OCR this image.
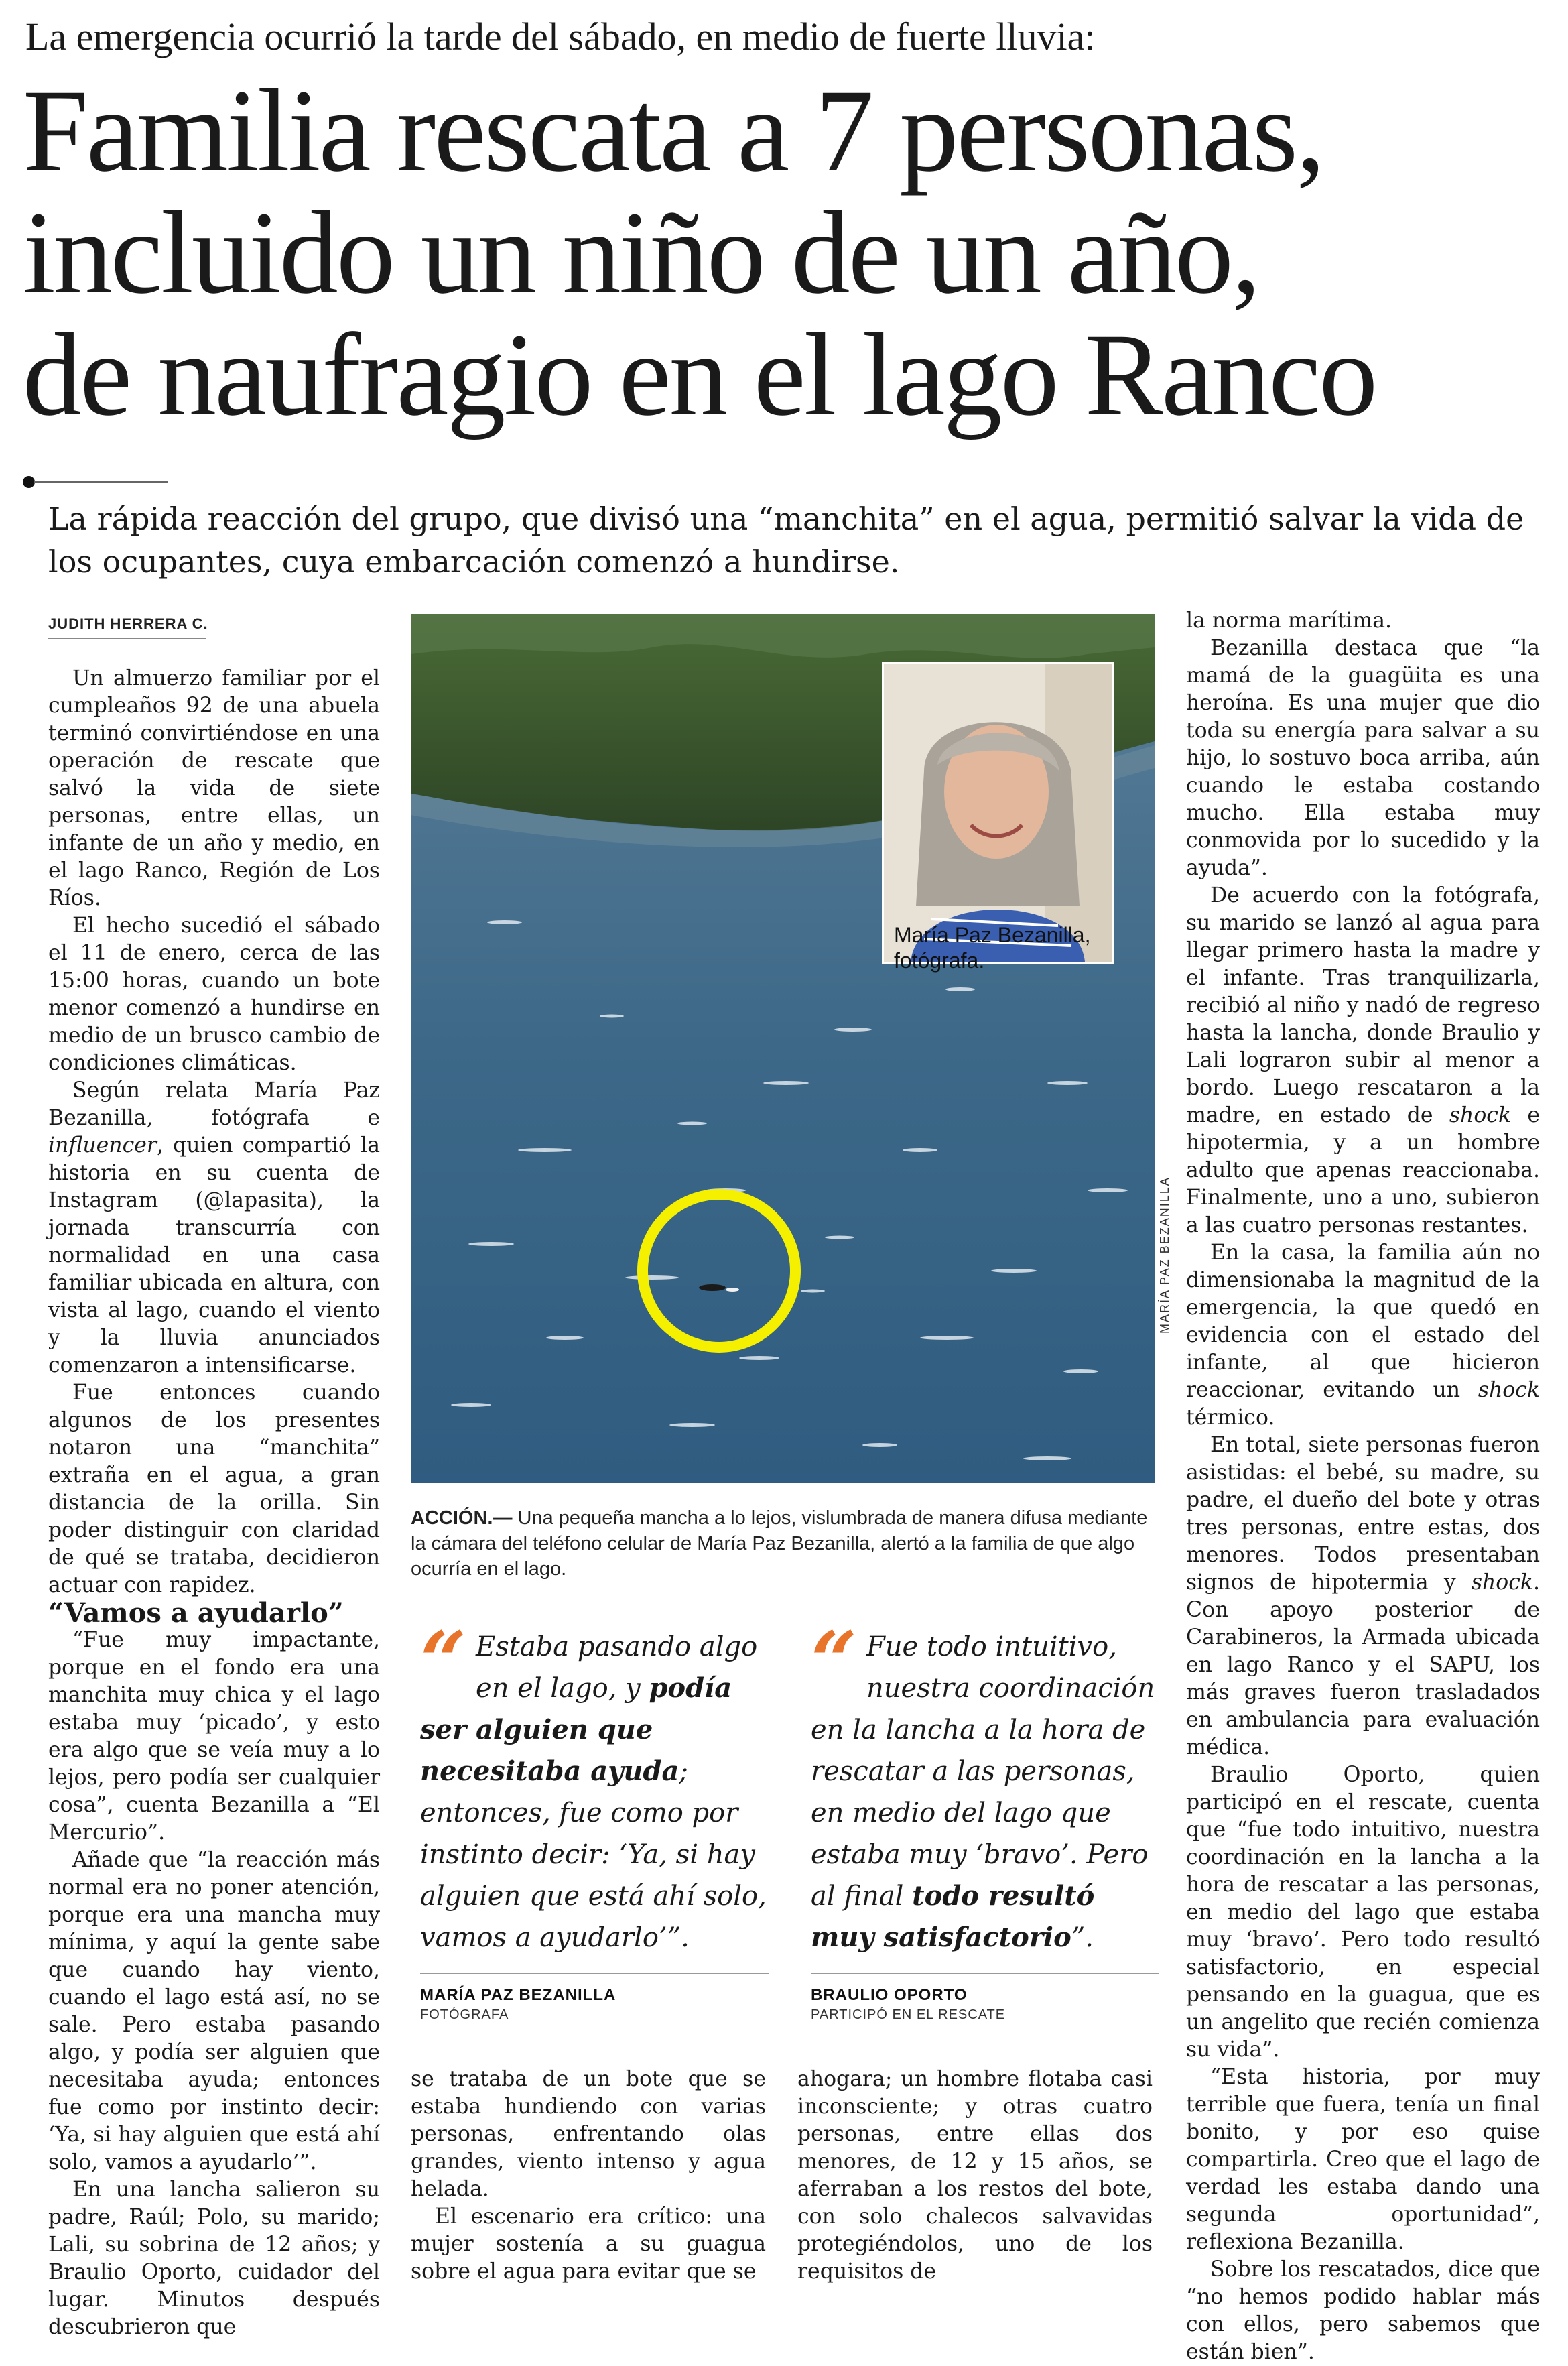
La emergencia ocurrió la tarde del sábado, en medio de fuerte lluvia:
Familia rescata a 7 personas,
incluido un niño de un año,
de naufragio en el lago Ranco
La rápida reacción del grupo, que divisó una “manchita” en el agua, permitió salvar la vida de los ocupantes, cuya embarcación comenzó a hundirse.
JUDITH HERRERA C.

Un almuerzo familiar por el cumpleaños 92 de una abuela terminó convirtiéndose en una operación de rescate que salvó la vida de siete personas, entre ellas, un infante de un año y medio, en el lago Ranco, Región de Los Ríos.

El hecho sucedió el sábado el 11 de enero, cerca de las 15:00 horas, cuando un bote menor comenzó a hundirse en medio de un brusco cambio de condiciones climáticas.

Según relata María Paz Bezanilla, fotógrafa e influencer, quien compartió la historia en su cuenta de Instagram (@lapasita), la jornada transcurría con normalidad en una casa familiar ubicada en altura, con vista al lago, cuando el viento y la lluvia anunciados comenzaron a intensificarse.

Fue entonces cuando algunos de los presentes notaron una “manchita” extraña en el agua, a gran distancia de la orilla. Sin poder distinguir con claridad de qué se trataba, decidieron actuar con rapidez.

“Vamos a ayudarlo”

“Fue muy impactante, porque en el fondo era una manchita muy chica y el lago estaba muy ‘picado’, y esto era algo que se veía muy a lo lejos, pero podía ser cualquier cosa”, cuenta Bezanilla a “El Mercurio”.

Añade que “la reacción más normal era no poner atención, porque era una mancha muy mínima, y aquí la gente sabe que cuando hay viento, cuando el lago está así, no se sale. Pero estaba pasando algo, y podía ser alguien que necesitaba ayuda; entonces fue como por instinto decir: ‘Ya, si hay alguien que está ahí solo, vamos a ayudarlo’”.

En una lancha salieron su padre, Raúl; Polo, su marido; Lali, su sobrina de 12 años; y Braulio Oporto, cuidador del lugar. Minutos después descubrieron que

María Paz Bezanilla,
fotógrafa.
MARÍA PAZ BEZANILLA
ACCIÓN.— Una pequeña mancha a lo lejos, vislumbrada de manera difusa mediante la cámara del teléfono celular de María Paz Bezanilla, alertó a la familia de que algo ocurría en el lago.
“ Estaba pasando algo en el lago, y podía ser alguien que necesitaba ayuda; entonces, fue como por instinto decir: ‘Ya, si hay alguien que está ahí solo, vamos a ayudarlo’”.
MARÍA PAZ BEZANILLA
FOTÓGRAFA
“ Fue todo intuitivo, nuestra coordinación en la lancha a la hora de rescatar a las personas, en medio del lago que estaba muy ‘bravo’. Pero al final todo resultó muy satisfactorio”.
BRAULIO OPORTO
PARTICIPÓ EN EL RESCATE

se trataba de un bote que se estaba hundiendo con varias personas, enfrentando olas grandes, viento intenso y agua helada.

El escenario era crítico: una mujer sostenía a su guagua sobre el agua para evitar que se

ahogara; un hombre flotaba casi inconsciente; y otras cuatro personas, entre ellas dos menores, de 12 y 15 años, se aferraban a los restos del bote, con solo chalecos salvavidas protegiéndolos, uno de los requisitos de

la norma marítima.

Bezanilla destaca que “la mamá de la guagüita es una heroína. Es una mujer que dio toda su energía para salvar a su hijo, lo sostuvo boca arriba, aún cuando le estaba costando mucho. Ella estaba muy conmovida por lo sucedido y la ayuda”.

De acuerdo con la fotógrafa, su marido se lanzó al agua para llegar primero hasta la madre y el infante. Tras tranquilizarla, recibió al niño y nadó de regreso hasta la lancha, donde Braulio y Lali lograron subir al menor a bordo. Luego rescataron a la madre, en estado de shock e hipotermia, y a un hombre adulto que apenas reaccionaba. Finalmente, uno a uno, subieron a las cuatro personas restantes.

En la casa, la familia aún no dimensionaba la magnitud de la emergencia, la que quedó en evidencia con el estado del infante, al que hicieron reaccionar, evitando un shock térmico.

En total, siete personas fueron asistidas: el bebé, su madre, su padre, el dueño del bote y otras tres personas, entre estas, dos menores. Todos presentaban signos de hipotermia y shock. Con apoyo posterior de Carabineros, la Armada ubicada en lago Ranco y el SAPU, los más graves fueron trasladados en ambulancia para evaluación médica.

Braulio Oporto, quien participó en el rescate, cuenta que “fue todo intuitivo, nuestra coordinación en la lancha a la hora de rescatar a las personas, en medio del lago que estaba muy ‘bravo’. Pero todo resultó satisfactorio, en especial pensando en la guagua, que es un angelito que recién comienza su vida”.

“Esta historia, por muy terrible que fuera, tenía un final bonito, y por eso quise compartirla. Creo que el lago de verdad les estaba dando una segunda oportunidad”, reflexiona Bezanilla.

Sobre los rescatados, dice que “no hemos podido hablar más con ellos, pero sabemos que están bien”.
